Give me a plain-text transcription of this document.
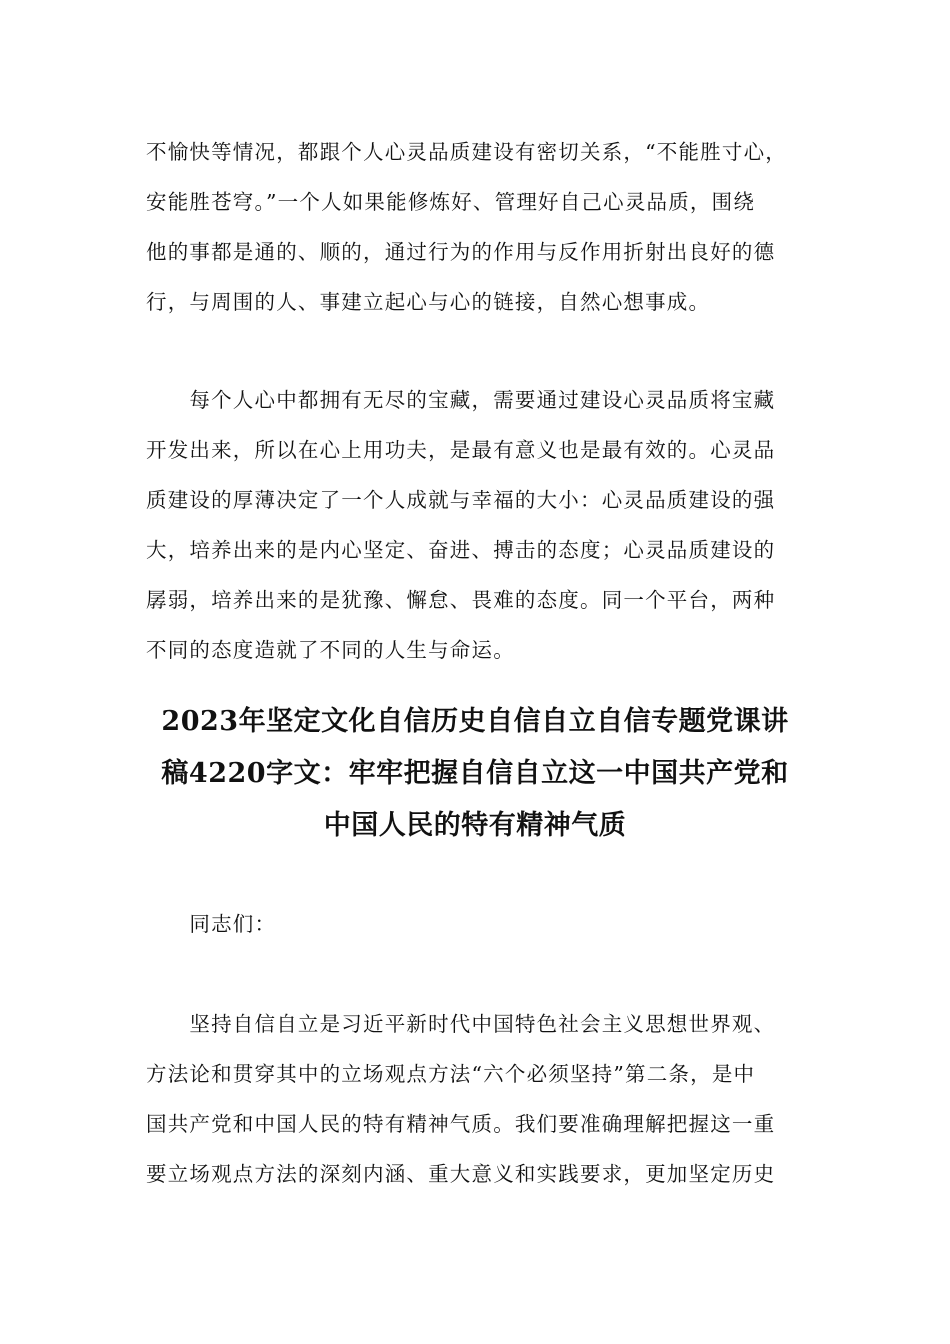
不愉快等情况，都跟个人心灵品质建设有密切关系，“不能胜寸心，
安能胜苍穹。”一个人如果能修炼好、管理好自己心灵品质，围绕
他的事都是通的、顺的，通过行为的作用与反作用折射出良好的德
行，与周围的人、事建立起心与心的链接，自然心想事成。
　　每个人心中都拥有无尽的宝藏，需要通过建设心灵品质将宝藏
开发出来，所以在心上用功夫，是最有意义也是最有效的。心灵品
质建设的厚薄决定了一个人成就与幸福的大小：心灵品质建设的强
大，培养出来的是内心坚定、奋进、搏击的态度；心灵品质建设的
孱弱，培养出来的是犹豫、懈怠、畏难的态度。同一个平台，两种
不同的态度造就了不同的人生与命运。
2023年坚定文化自信历史自信自立自信专题党课讲
稿4220字文：牢牢把握自信自立这一中国共产党和
中国人民的特有精神气质
　　同志们：
　　坚持自信自立是习近平新时代中国特色社会主义思想世界观、
方法论和贯穿其中的立场观点方法“六个必须坚持”第二条，是中
国共产党和中国人民的特有精神气质。我们要准确理解把握这一重
要立场观点方法的深刻内涵、重大意义和实践要求，更加坚定历史
